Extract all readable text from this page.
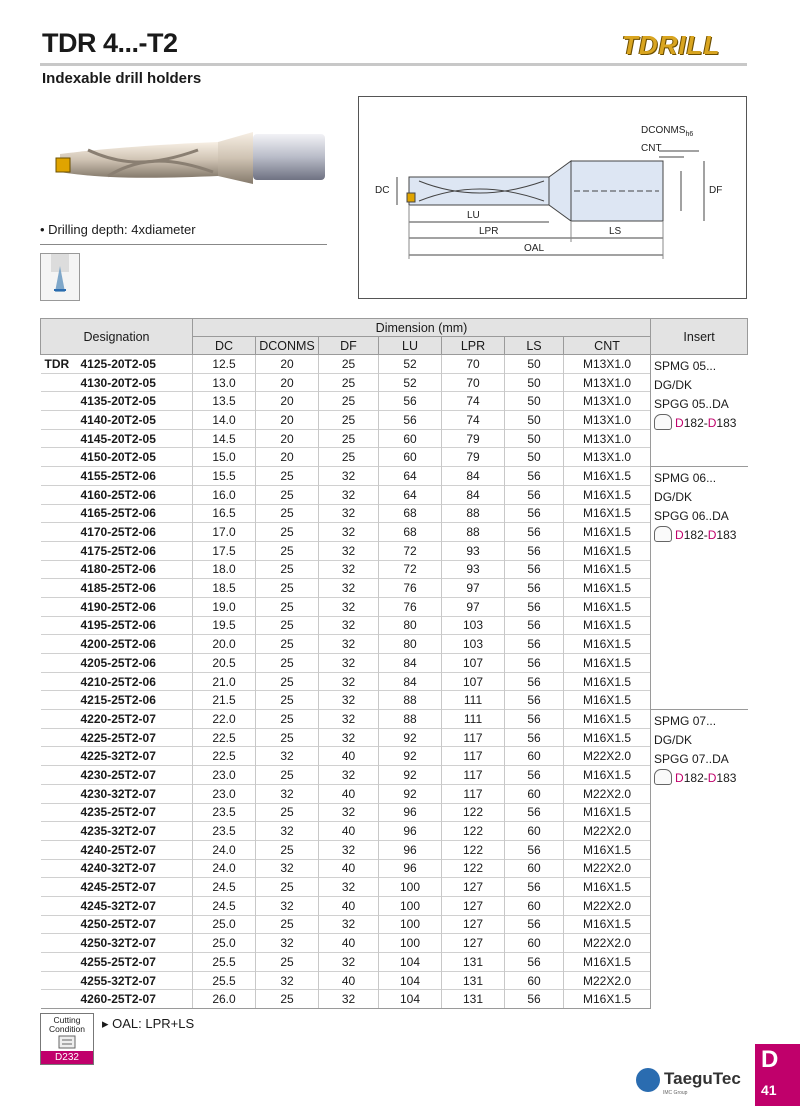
TDR 4...-T2
Indexable drill holders
TDRILL
• Drilling depth: 4xdiameter
$DCONMS_{h6}$
CNT
DC	DF
LU
LPR	LS
OAL
Designation	Dimension (mm)							Insert
	DC	DCONMS	DF	LU	LPR	LS	CNT	
TDR 4125-20T2-05	12.5	20	25	52	70	50	M13X1.0	SPMG 05...
DG/DK
SPGG 05..DA
D182-D183

4130-20T2-05	13.0	20	25	52	70	50	M13X1.0	
4135-20T2-05	13.5	20	25	56	74	50	M13X1.0	
4140-20T2-05	14.0	20	25	56	74	50	M13X1.0	
4145-20T2-05	14.5	20	25	60	79	50	M13X1.0	
4150-20T2-05	15.0	20	25	60	79	50	M13X1.0	
4155-25T2-06	15.5	25	32	64	84	56	M16X1.5	SPMG 06...
DG/DK
SPGG 06..DA
D182-D183

4160-25T2-06	16.0	25	32	64	84	56	M16X1.5	
4165-25T2-06	16.5	25	32	68	88	56	M16X1.5	
4170-25T2-06	17.0	25	32	68	88	56	M16X1.5	
4175-25T2-06	17.5	25	32	72	93	56	M16X1.5	
4180-25T2-06	18.0	25	32	72	93	56	M16X1.5	
4185-25T2-06	18.5	25	32	76	97	56	M16X1.5	
4190-25T2-06	19.0	25	32	76	97	56	M16X1.5	
4195-25T2-06	19.5	25	32	80	103	56	M16X1.5	
4200-25T2-06	20.0	25	32	80	103	56	M16X1.5	
4205-25T2-06	20.5	25	32	84	107	56	M16X1.5	
4210-25T2-06	21.0	25	32	84	107	56	M16X1.5	
4215-25T2-06	21.5	25	32	88	111	56	M16X1.5	
4220-25T2-07	22.0	25	32	88	111	56	M16X1.5	SPMG 07...
DG/DK
SPGG 07..DA
D182-D183

4225-25T2-07	22.5	25	32	92	117	56	M16X1.5	
4225-32T2-07	22.5	32	40	92	117	60	M22X2.0	
4230-25T2-07	23.0	25	32	92	117	56	M16X1.5	
4230-32T2-07	23.0	32	40	92	117	60	M22X2.0	
4235-25T2-07	23.5	25	32	96	122	56	M16X1.5	
4235-32T2-07	23.5	32	40	96	122	60	M22X2.0	
4240-25T2-07	24.0	25	32	96	122	56	M16X1.5	
4240-32T2-07	24.0	32	40	96	122	60	M22X2.0	
4245-25T2-07	24.5	25	32	100	127	56	M16X1.5	
4245-32T2-07	24.5	32	40	100	127	60	M22X2.0	
4250-25T2-07	25.0	25	32	100	127	56	M16X1.5	
4250-32T2-07	25.0	32	40	100	127	60	M22X2.0	
4255-25T2-07	25.5	25	32	104	131	56	M16X1.5	
4255-32T2-07	25.5	32	40	104	131	60	M22X2.0	
4260-25T2-07	26.0	25	32	104	131	56	M16X1.5	
Cutting Condition
D232
▸ OAL: LPR+LS
TaeguTec
IMC Group
D
41
